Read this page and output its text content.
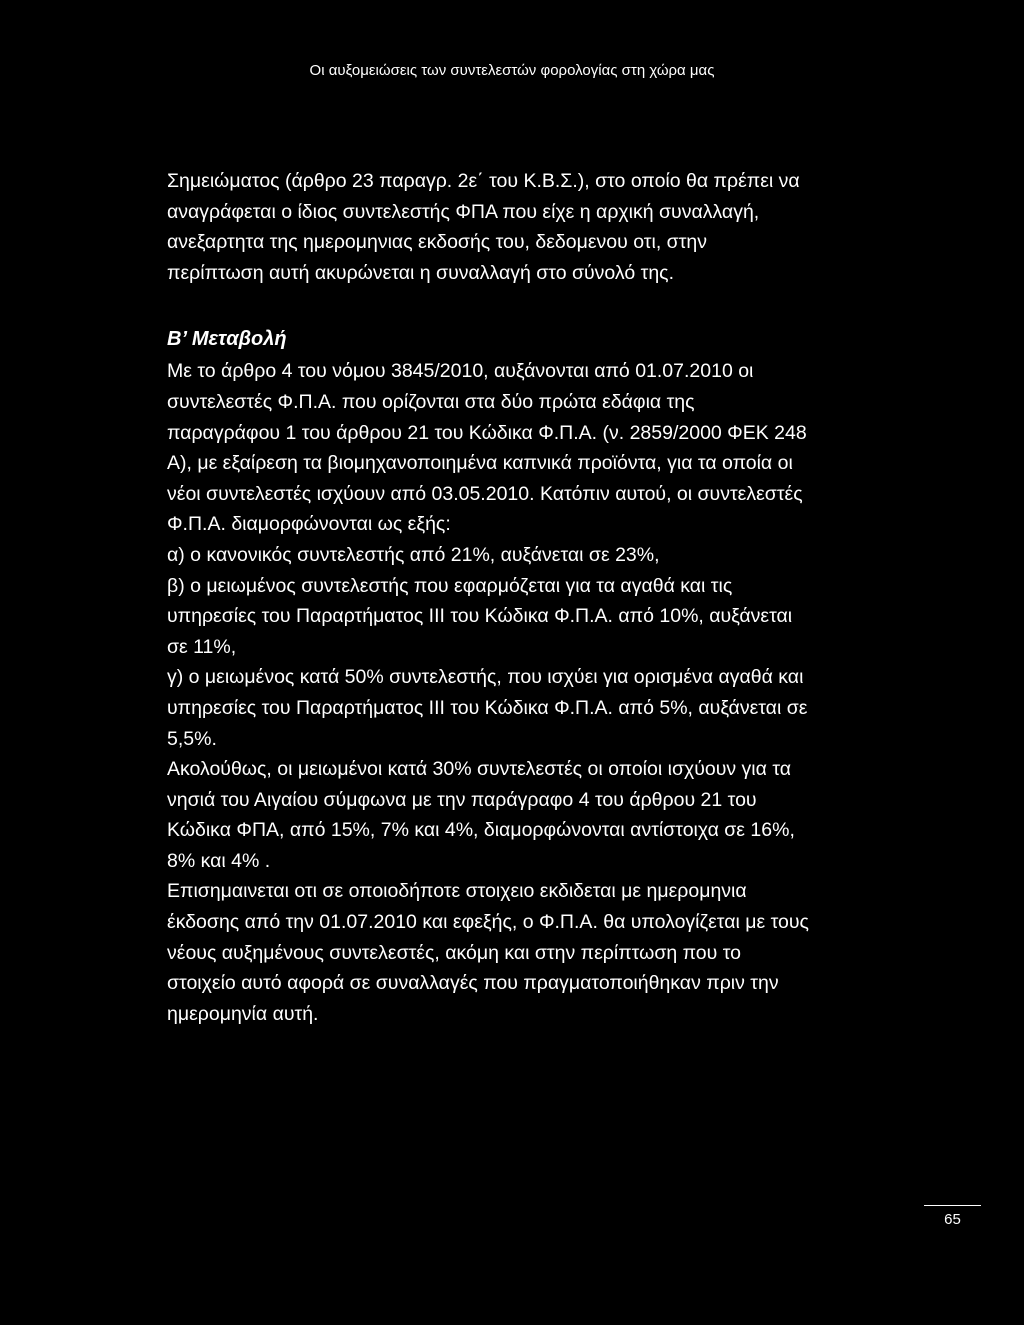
Οι αυξομειώσεις των συντελεστών φορολογίας στη χώρα μας
Σημειώματος (άρθρο 23 παραγρ. 2ε΄ του Κ.Β.Σ.), στο οποίο θα πρέπει να
αναγράφεται ο ίδιος συντελεστής ΦΠΑ που είχε η αρχική συναλλαγή,
ανεξαρτητα της ημερομηνιας εκδοσής του, δεδομενου οτι, στην
περίπτωση αυτή ακυρώνεται η συναλλαγή στο σύνολό της.
Β’ Μεταβολή
Με το άρθρο 4 του νόμου 3845/2010, αυξάνονται από 01.07.2010 οι
συντελεστές Φ.Π.Α. που ορίζονται στα δύο πρώτα εδάφια της
παραγράφου 1 του άρθρου 21 του Κώδικα Φ.Π.Α. (ν. 2859/2000 ΦΕΚ 248
Α), με εξαίρεση τα βιομηχανοποιημένα καπνικά προϊόντα, για τα οποία οι
νέοι συντελεστές ισχύουν από 03.05.2010. Κατόπιν αυτού, οι συντελεστές
Φ.Π.Α. διαμορφώνονται ως εξής:
α) ο κανονικός συντελεστής από 21%, αυξάνεται σε 23%,
β) ο μειωμένος συντελεστής που εφαρμόζεται για τα αγαθά και τις
υπηρεσίες του Παραρτήματος ΙΙΙ του Κώδικα Φ.Π.Α. από 10%, αυξάνεται
σε 11%,
γ) ο μειωμένος κατά 50% συντελεστής, που ισχύει για ορισμένα αγαθά και
υπηρεσίες του Παραρτήματος ΙΙΙ του Κώδικα Φ.Π.Α. από 5%, αυξάνεται σε
5,5%.
Ακολούθως, οι μειωμένοι κατά 30% συντελεστές οι οποίοι ισχύουν για τα
νησιά του Αιγαίου σύμφωνα με την παράγραφο 4 του άρθρου 21 του
Κώδικα ΦΠΑ, από 15%, 7% και 4%, διαμορφώνονται αντίστοιχα σε 16%,
8% και 4% .
Επισημαινεται οτι σε οποιοδήποτε στοιχειο εκδιδεται με ημερομηνια
έκδοσης από την 01.07.2010 και εφεξής, ο Φ.Π.Α. θα υπολογίζεται με τους
νέους αυξημένους συντελεστές, ακόμη και στην περίπτωση που το
στοιχείο αυτό αφορά σε συναλλαγές που πραγματοποιήθηκαν πριν την
ημερομηνία αυτή.
65
